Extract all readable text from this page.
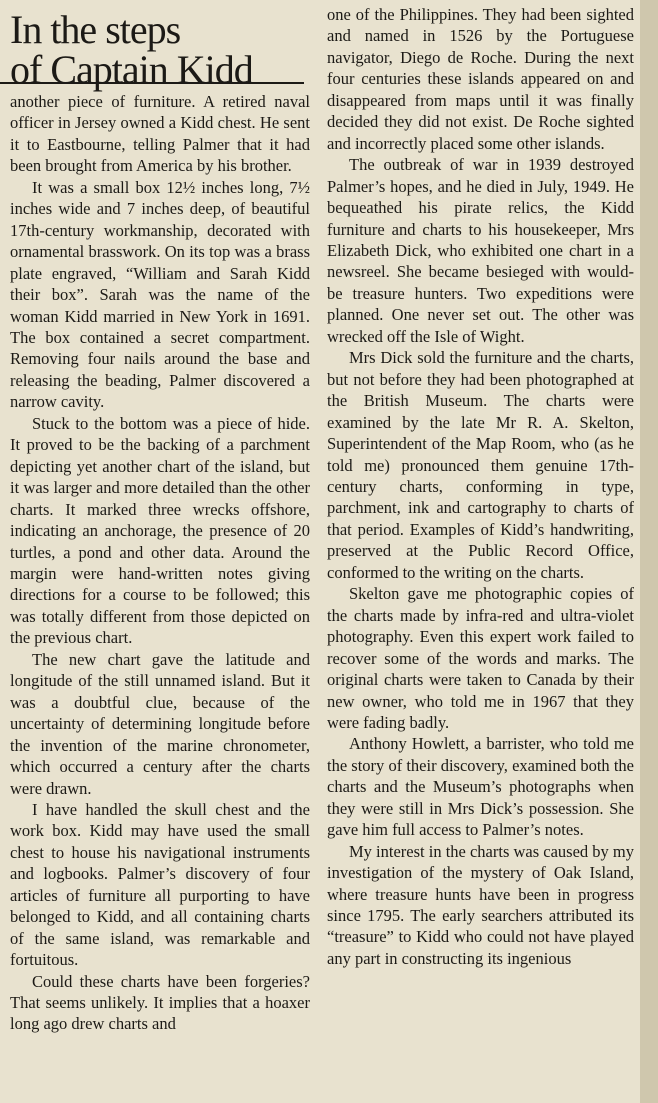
In the steps
of Captain Kidd

another piece of furniture. A retired naval officer in Jersey owned a Kidd chest. He sent it to Eastbourne, telling Palmer that it had been brought from America by his brother.

It was a small box 12½ inches long, 7½ inches wide and 7 inches deep, of beautiful 17th-century workmanship, decorated with ornamental brasswork. On its top was a brass plate engraved, “William and Sarah Kidd their box”. Sarah was the name of the woman Kidd married in New York in 1691. The box contained a secret compartment. Removing four nails around the base and releasing the beading, Palmer discovered a narrow cavity.

Stuck to the bottom was a piece of hide. It proved to be the backing of a parchment depicting yet another chart of the island, but it was larger and more detailed than the other charts. It marked three wrecks offshore, indicating an anchorage, the presence of 20 turtles, a pond and other data. Around the margin were hand-written notes giving directions for a course to be followed; this was totally different from those depicted on the previous chart.

The new chart gave the latitude and longitude of the still unnamed island. But it was a doubtful clue, because of the uncertainty of determining longitude before the invention of the marine chronometer, which occurred a century after the charts were drawn.

I have handled the skull chest and the work box. Kidd may have used the small chest to house his navigational instruments and logbooks. Palmer’s discovery of four articles of furniture all purporting to have belonged to Kidd, and all containing charts of the same island, was remarkable and fortuitous.

Could these charts have been forgeries? That seems unlikely. It implies that a hoaxer long ago drew charts and

one of the Philippines. They had been sighted and named in 1526 by the Portuguese navigator, Diego de Roche. During the next four centuries these islands appeared on and disappeared from maps until it was finally decided they did not exist. De Roche sighted and incorrectly placed some other islands.

The outbreak of war in 1939 destroyed Palmer’s hopes, and he died in July, 1949. He bequeathed his pirate relics, the Kidd furniture and charts to his housekeeper, Mrs Elizabeth Dick, who exhibited one chart in a newsreel. She became besieged with would-be treasure hunters. Two expeditions were planned. One never set out. The other was wrecked off the Isle of Wight.

Mrs Dick sold the furniture and the charts, but not before they had been photographed at the British Museum. The charts were examined by the late Mr R. A. Skelton, Superintendent of the Map Room, who (as he told me) pronounced them genuine 17th-century charts, conforming in type, parchment, ink and cartography to charts of that period. Examples of Kidd’s handwriting, preserved at the Public Record Office, conformed to the writing on the charts.

Skelton gave me photographic copies of the charts made by infra-red and ultra-violet photography. Even this expert work failed to recover some of the words and marks. The original charts were taken to Canada by their new owner, who told me in 1967 that they were fading badly.

Anthony Howlett, a barrister, who told me the story of their discovery, examined both the charts and the Museum’s photographs when they were still in Mrs Dick’s possession. She gave him full access to Palmer’s notes.

My interest in the charts was caused by my investigation of the mystery of Oak Island, where treasure hunts have been in progress since 1795. The early searchers attributed its “treasure” to Kidd who could not have played any part in constructing its ingenious
